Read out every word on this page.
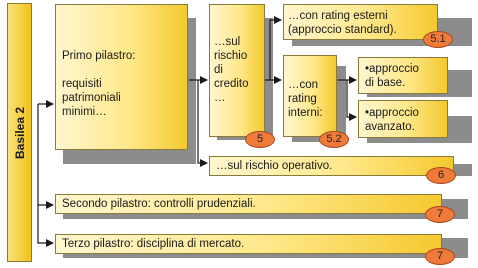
Basilea 2
Primo pilastro:

requisiti
patrimoniali
minimi…
…sul
rischio
di
credito
…
5
…con rating esterni
(approccio standard).
5.1
…con
rating
interni:
5.2
•approccio
di base.
•approccio
avanzato.
…sul rischio operativo.
6
Secondo pilastro: controlli prudenziali.
7
Terzo pilastro: disciplina di mercato.
7
